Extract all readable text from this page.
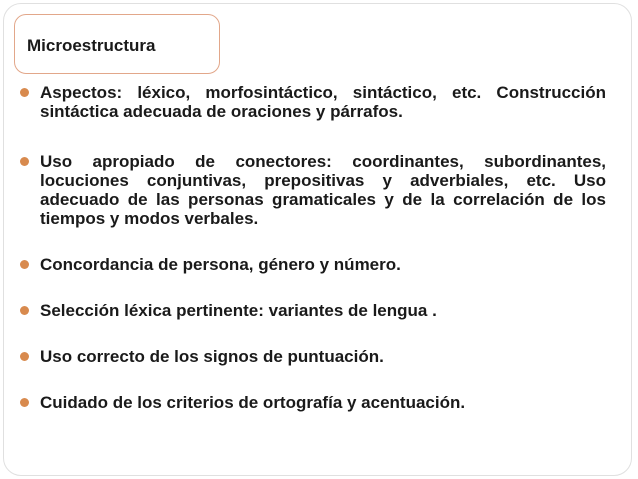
Microestructura
Aspectos: léxico, morfosintáctico, sintáctico, etc. Construcción sintáctica adecuada de oraciones y párrafos.
Uso apropiado de conectores: coordinantes, subordinantes, locuciones conjuntivas, prepositivas y adverbiales, etc. Uso adecuado de las personas gramaticales y de la correlación de los tiempos y modos verbales.
Concordancia de persona, género y número.
Selección léxica pertinente: variantes de lengua .
Uso correcto de los signos de puntuación.
Cuidado de los criterios de ortografía y acentuación.
